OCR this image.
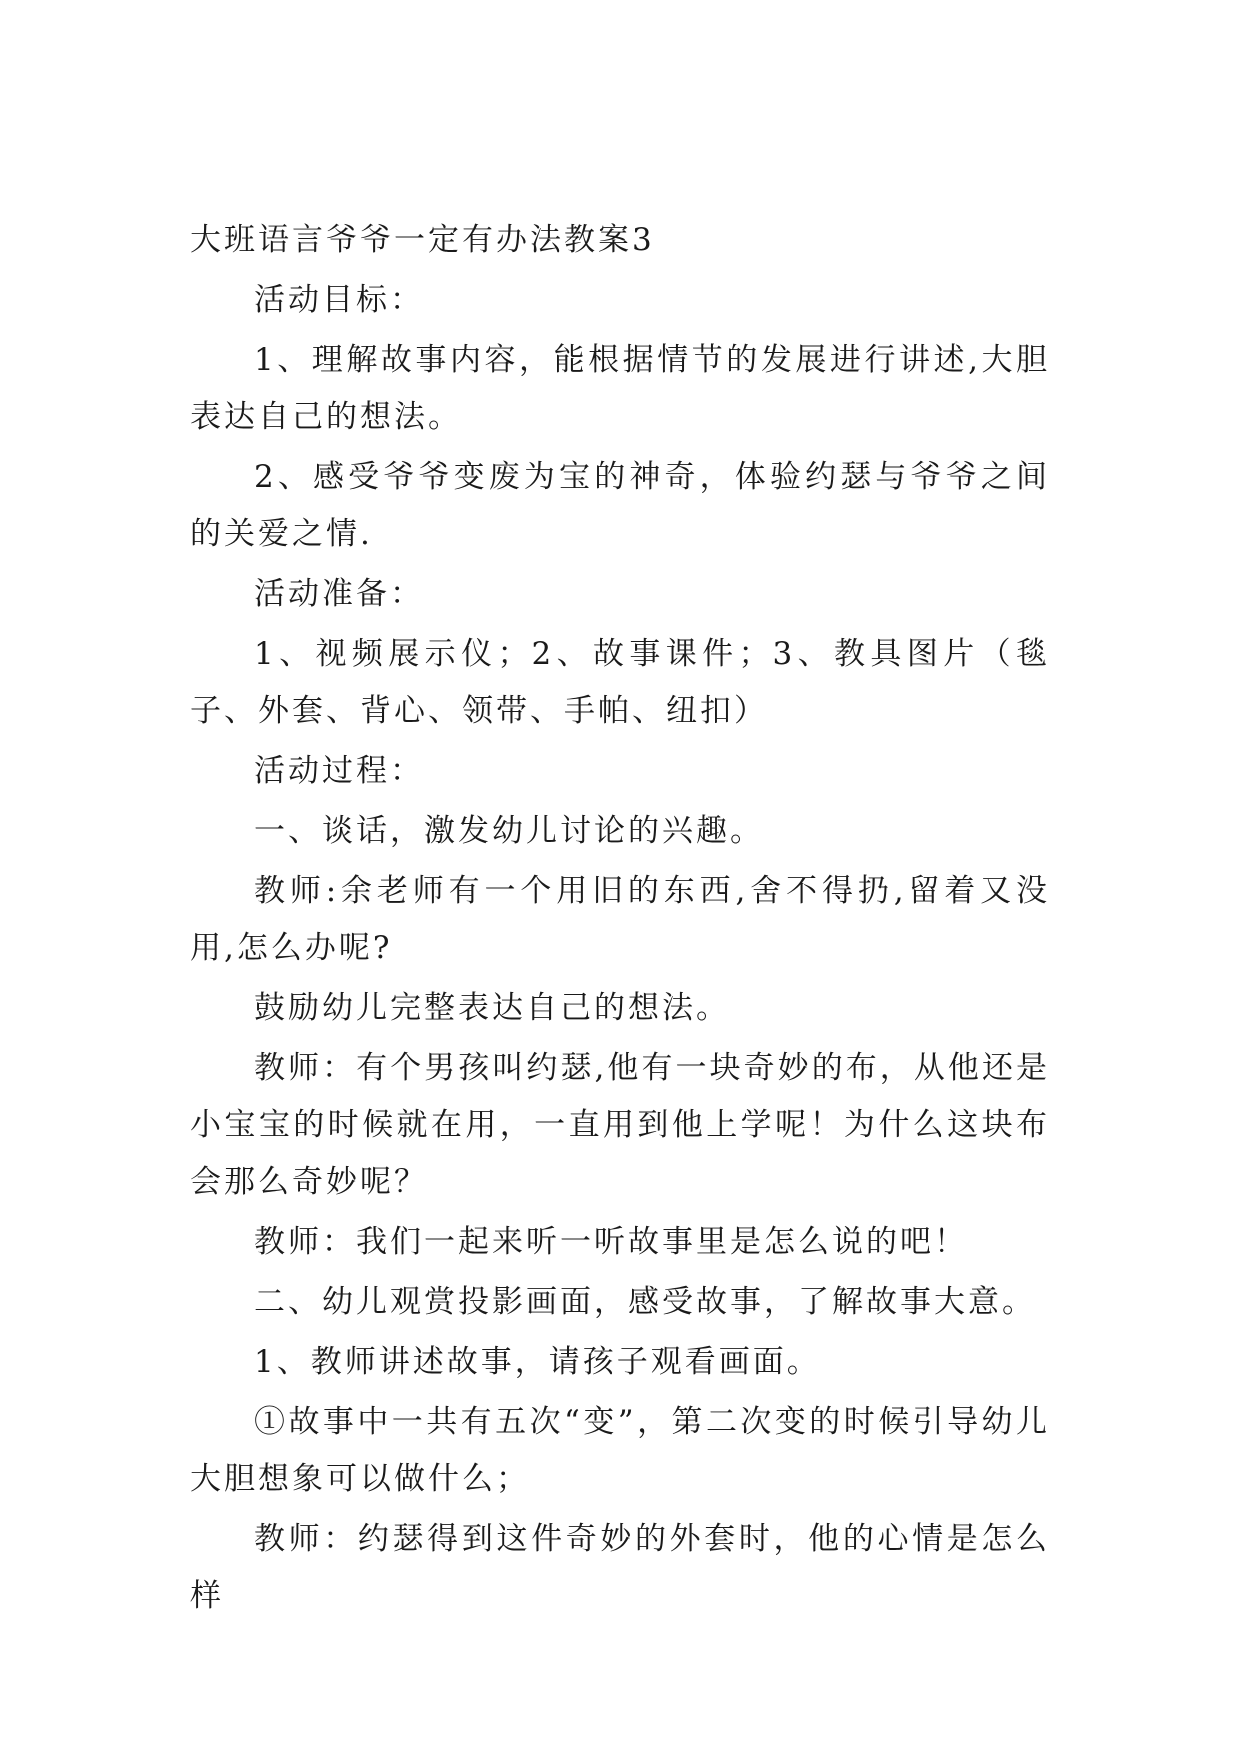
大班语言爷爷一定有办法教案3

活动目标：

1、理解故事内容，能根据情节的发展进行讲述,大胆表达自己的想法。

2、感受爷爷变废为宝的神奇，体验约瑟与爷爷之间的关爱之情.

活动准备：

1、视频展示仪；2、故事课件；3、教具图片（毯子、外套、背心、领带、手帕、纽扣）

活动过程：

一、谈话，激发幼儿讨论的兴趣。

教师:余老师有一个用旧的东西,舍不得扔,留着又没用,怎么办呢?

鼓励幼儿完整表达自己的想法。

教师：有个男孩叫约瑟,他有一块奇妙的布，从他还是小宝宝的时候就在用，一直用到他上学呢！为什么这块布会那么奇妙呢？

教师：我们一起来听一听故事里是怎么说的吧！

二、幼儿观赏投影画面，感受故事，了解故事大意。

1、教师讲述故事，请孩子观看画面。

①故事中一共有五次“变”，第二次变的时候引导幼儿大胆想象可以做什么；

教师：约瑟得到这件奇妙的外套时，他的心情是怎么样
